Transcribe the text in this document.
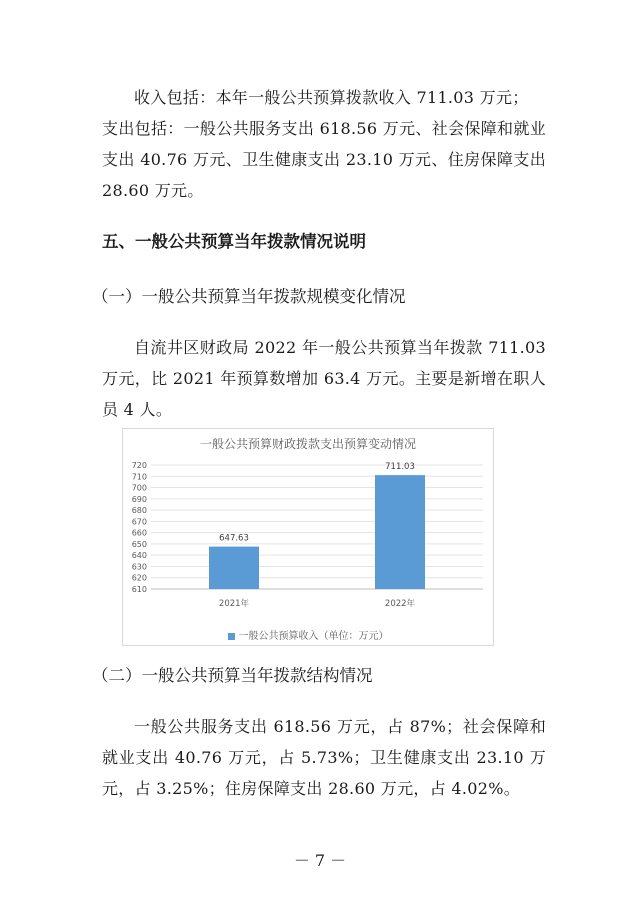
收入包括：本年一般公共预算拨款收入 711.03 万元；

支出包括：一般公共服务支出 618.56 万元、社会保障和就业支出 40.76 万元、卫生健康支出 23.10 万元、住房保障支出 28.60 万元。

五、一般公共预算当年拨款情况说明

（一）一般公共预算当年拨款规模变化情况

自流井区财政局 2022 年一般公共预算当年拨款 711.03 万元，比 2021 年预算数增加 63.4 万元。主要是新增在职人员 4 人。

一般公共预算财政拨款支出预算变动情况
610
620
630
640
650
660
670
680
690
700
710
720
647.63
2021年
711.03
2022年
一般公共预算收入（单位：万元）

（二）一般公共预算当年拨款结构情况

一般公共服务支出 618.56 万元，占 87%；社会保障和就业支出 40.76 万元，占 5.73%；卫生健康支出 23.10 万元，占 3.25%；住房保障支出 28.60 万元，占 4.02%。

－ 7 －
